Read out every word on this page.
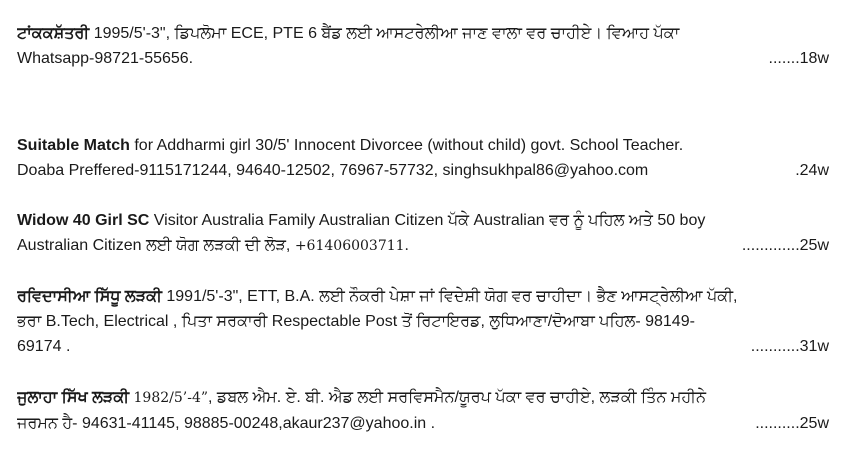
ਟਾਂਕਕਸ਼ੱਤਰੀ 1995/5'-3", ਡਿਪਲੋਮਾ ECE, PTE 6 ਬੈਂਡ ਲਈ ਆਸਟਰੇਲੀਆ ਜਾਣ ਵਾਲਾ ਵਰ ਚਾਹੀਏ। ਵਿਆਹ ਪੱਕਾ
Whatsapp-98721-55656.	.......18w
Suitable Match for Addharmi girl 30/5' Innocent Divorcee (without child) govt. School Teacher.
Doaba Preffered-9115171244, 94640-12502, 76967-57732, singhsukhpal86@yahoo.com	.24w
Widow 40 Girl SC Visitor Australia Family Australian Citizen ਪੱਕੇ Australian ਵਰ ਨੂੰ ਪਹਿਲ ਅਤੇ 50 boy
Australian Citizen ਲਈ ਯੋਗ ਲੜਕੀ ਦੀ ਲੋੜ, +61406003711.	.............25w
ਰਵਿਦਾਸੀਆ ਸਿੱਧੂ ਲੜਕੀ 1991/5'-3", ETT, B.A. ਲਈ ਨੌਕਰੀ ਪੇਸ਼ਾ ਜਾਂ ਵਿਦੇਸ਼ੀ ਯੋਗ ਵਰ ਚਾਹੀਦਾ। ਭੈਣ ਆਸਟ੍ਰੇਲੀਆ ਪੱਕੀ,
ਭਰਾ B.Tech, Electrical , ਪਿਤਾ ਸਰਕਾਰੀ Respectable Post ਤੋਂ ਰਿਟਾਇਰਡ, ਲੁਧਿਆਣਾ/ਦੋਆਬਾ ਪਹਿਲ- 98149-
69174 .	...........31w
ਜੁਲਾਹਾ ਸਿੱਖ ਲੜਕੀ 1982/5’-4”, ਡਬਲ ਐਮ. ਏ. ਬੀ. ਐਡ ਲਈ ਸਰਵਿਸਮੈਨ/ਯੂਰਪ ਪੱਕਾ ਵਰ ਚਾਹੀਏ, ਲੜਕੀ ਤਿੰਨ ਮਹੀਨੇ
ਜਰਮਨ ਹੈ- 94631-41145, 98885-00248,akaur237@yahoo.in .	..........25w
